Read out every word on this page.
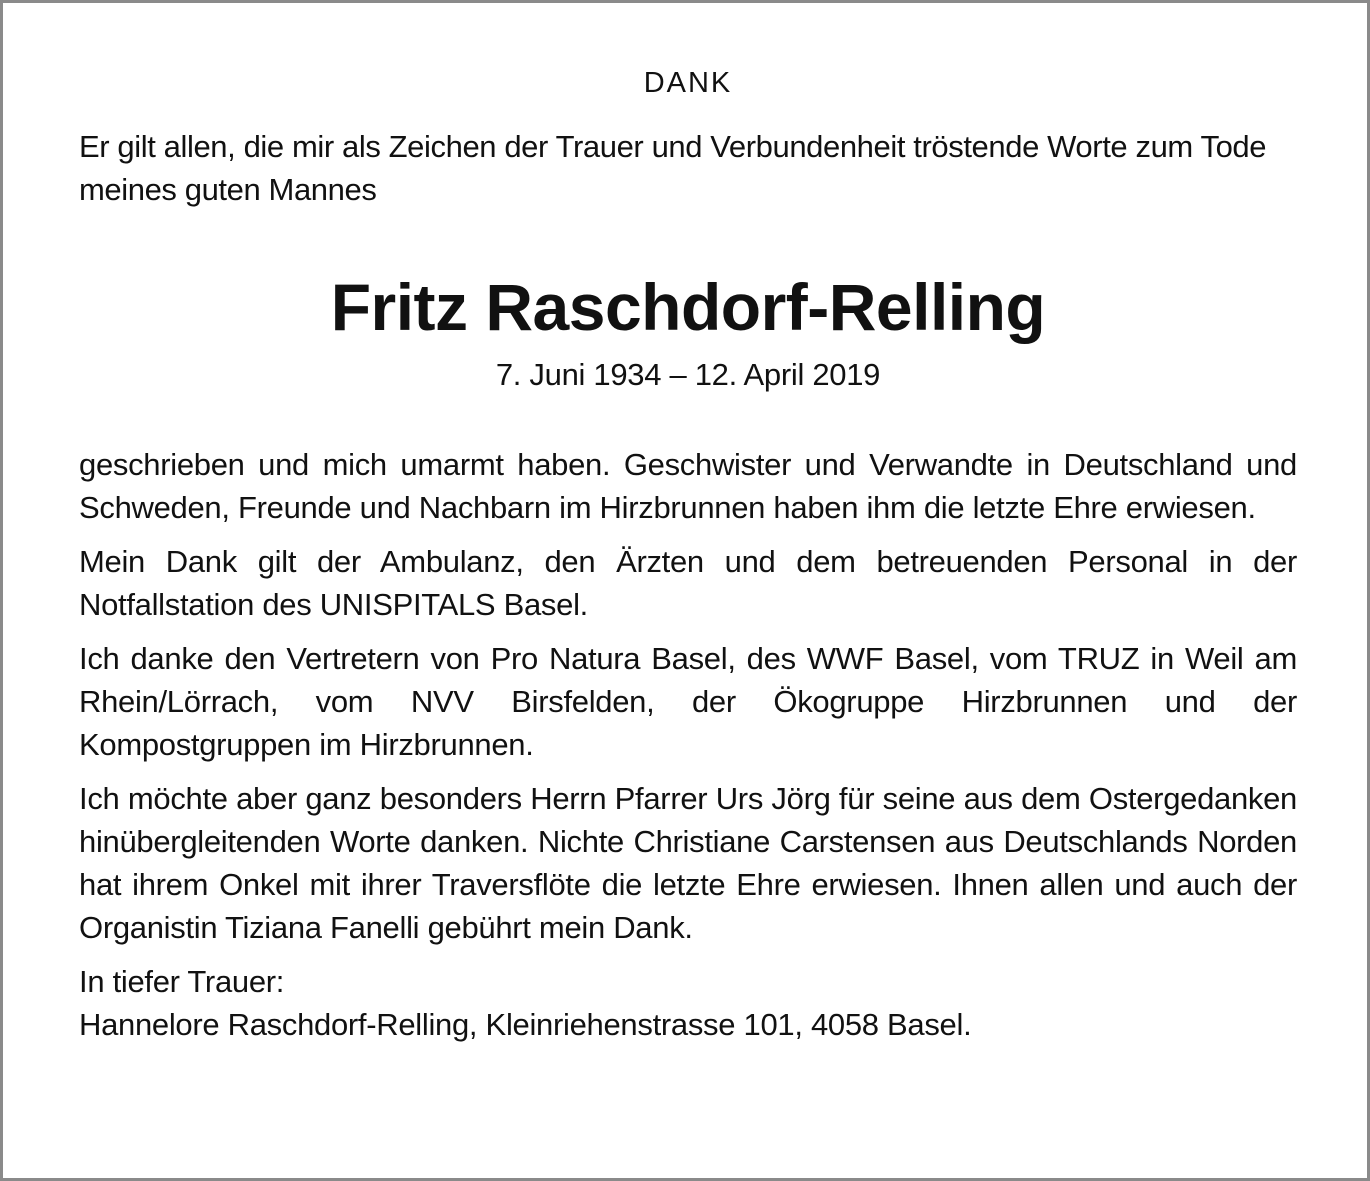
DANK

Er gilt allen, die mir als Zeichen der Trauer und Verbundenheit tröstende Worte zum Tode meines guten Mannes

Fritz Raschdorf-Relling

7. Juni 1934 – 12. April 2019

geschrieben und mich umarmt haben. Geschwister und Verwandte in Deutschland und Schweden, Freunde und Nachbarn im Hirzbrunnen haben ihm die letzte Ehre erwiesen.

Mein Dank gilt der Ambulanz, den Ärzten und dem betreuenden Personal in der Notfallstation des UNISPITALS Basel.

Ich danke den Vertretern von Pro Natura Basel, des WWF Basel, vom TRUZ in Weil am Rhein/Lörrach, vom NVV Birsfelden, der Ökogruppe Hirzbrunnen und der Kompostgruppen im Hirzbrunnen.

Ich möchte aber ganz besonders Herrn Pfarrer Urs Jörg für seine aus dem Ostergedanken hinübergleitenden Worte danken. Nichte Christiane Carstensen aus Deutschlands Norden hat ihrem Onkel mit ihrer Traversflöte die letzte Ehre erwiesen. Ihnen allen und auch der Organistin Tiziana Fanelli gebührt mein Dank.

In tiefer Trauer:
Hannelore Raschdorf-Relling, Kleinriehenstrasse 101, 4058 Basel.
